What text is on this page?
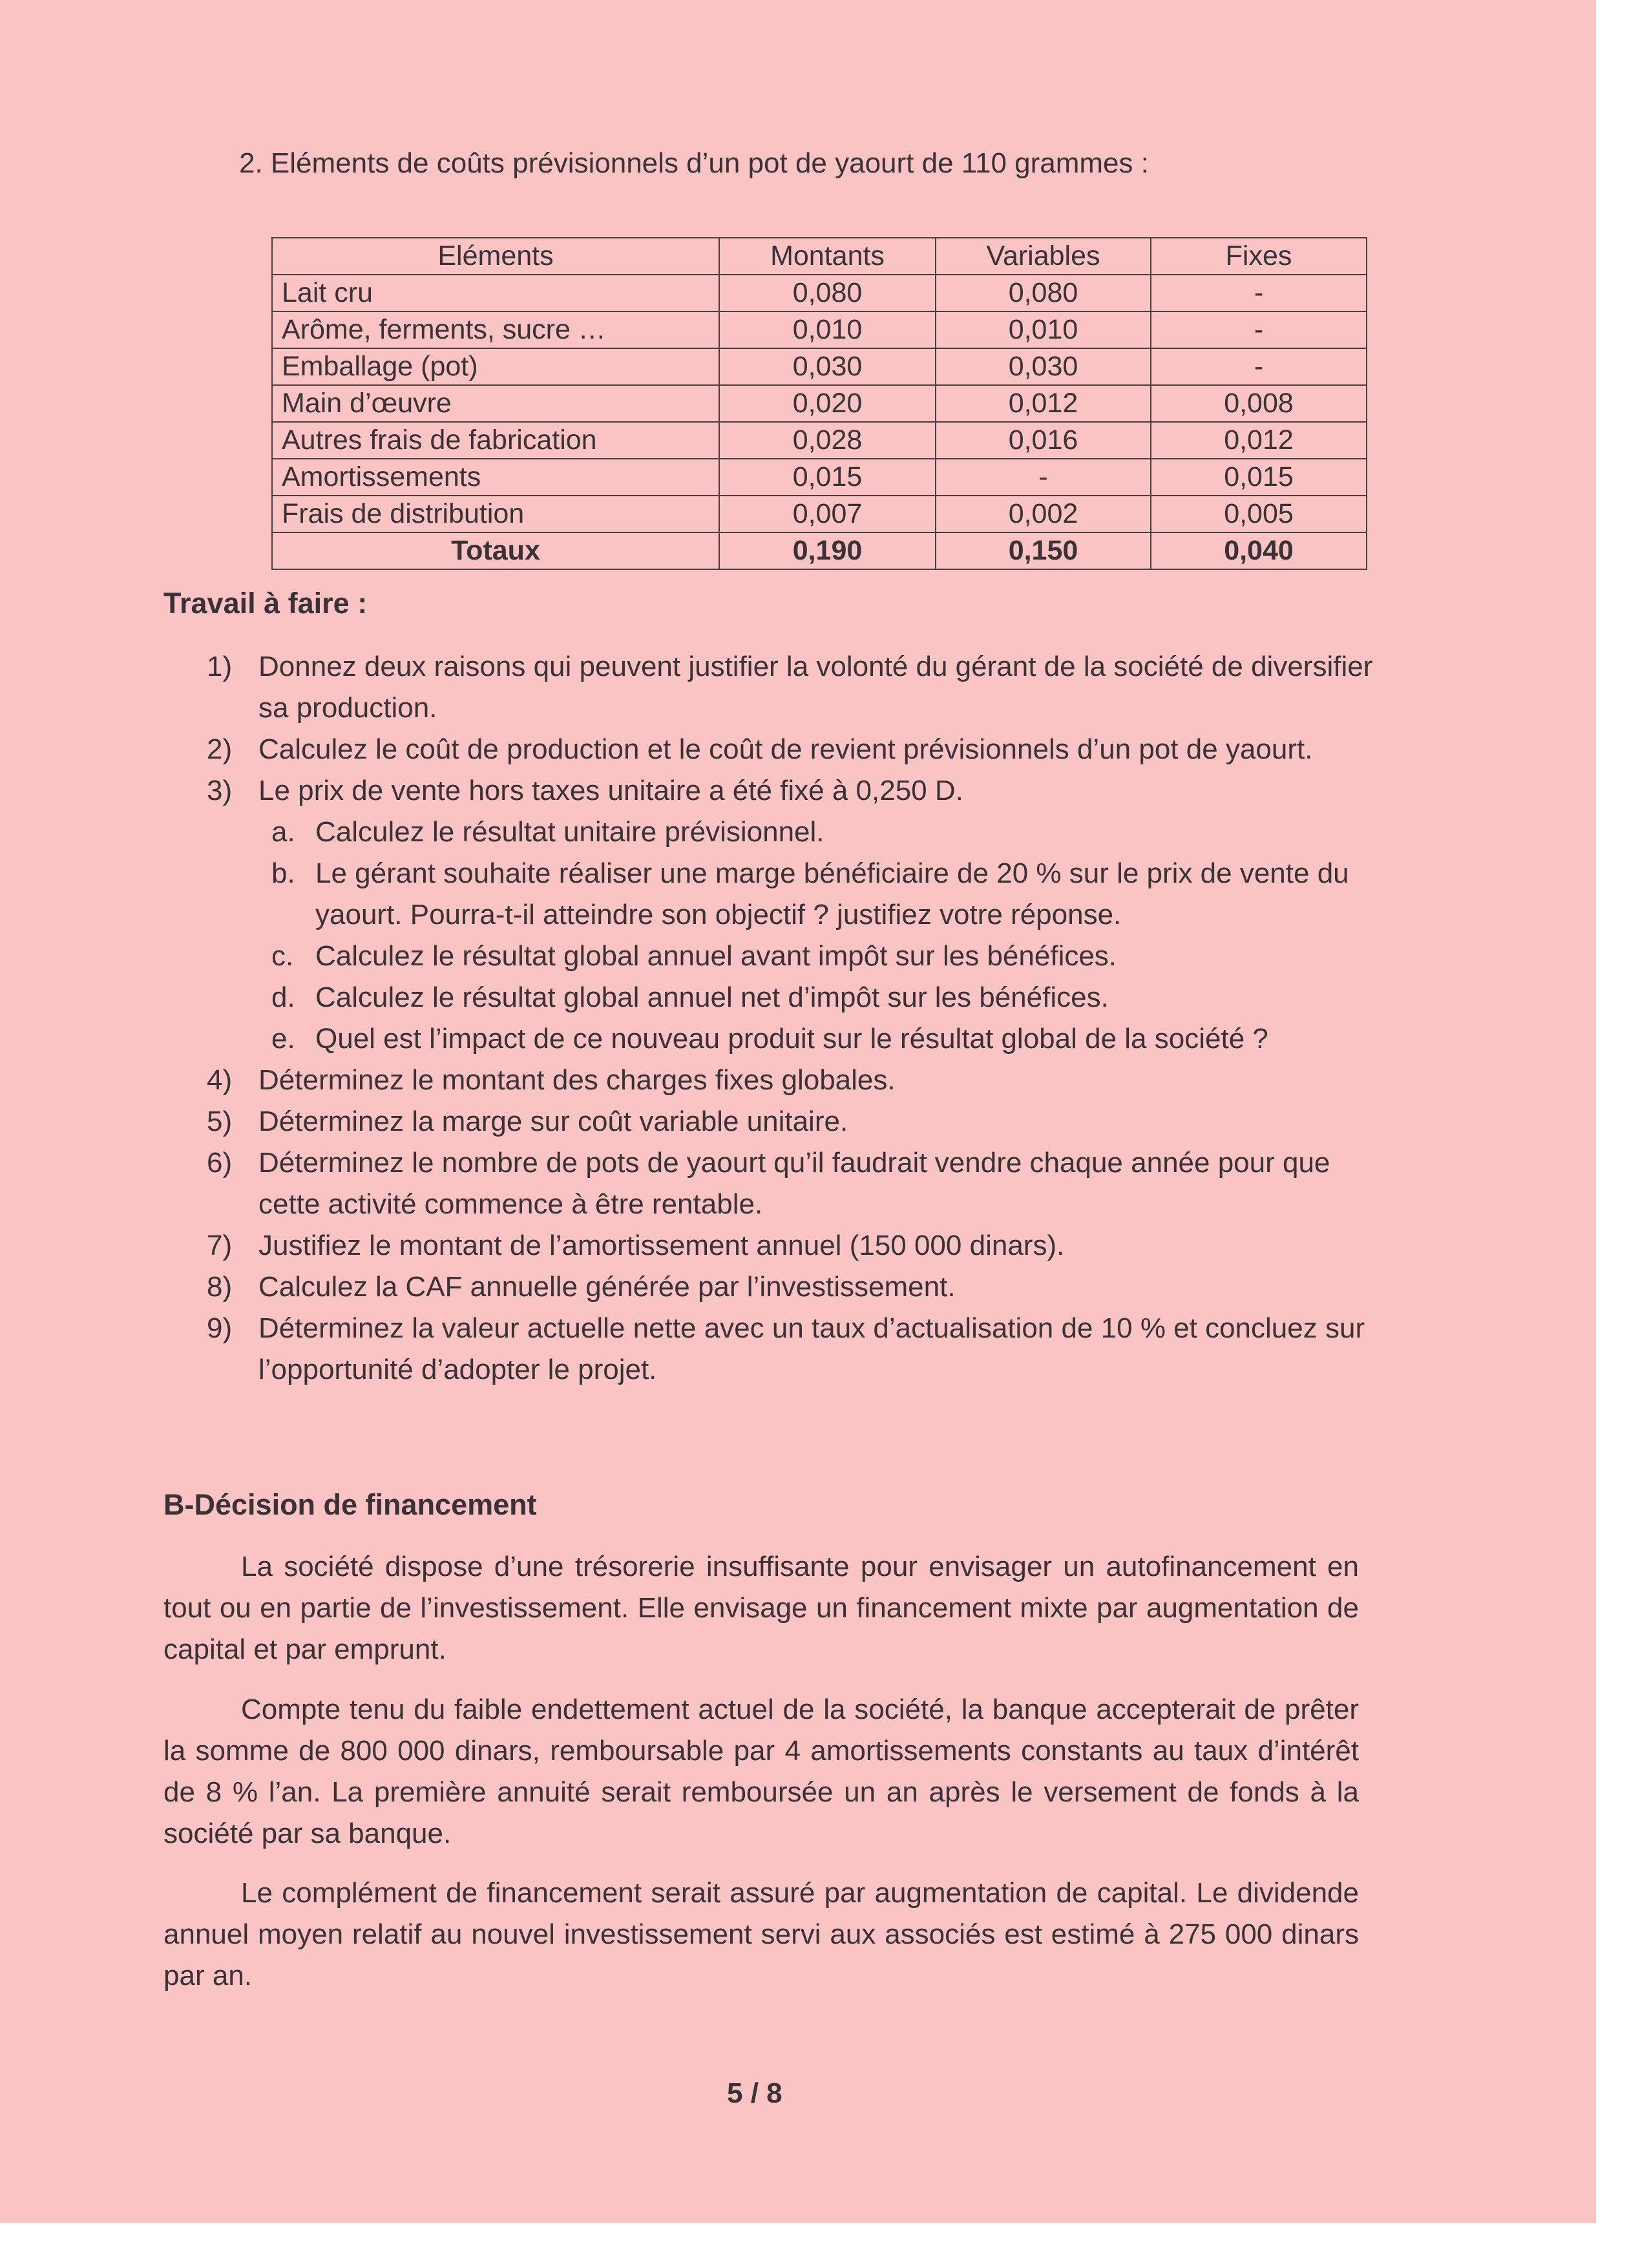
2. Eléments de coûts prévisionnels d’un pot de yaourt de 110 grammes :
Eléments	Montants	Variables	Fixes
Lait cru	0,080	0,080	-
Arôme, ferments, sucre …	0,010	0,010	-
Emballage (pot)	0,030	0,030	-
Main d’œuvre	0,020	0,012	0,008
Autres frais de fabrication	0,028	0,016	0,012
Amortissements	0,015	-	0,015
Frais de distribution	0,007	0,002	0,005
Totaux	0,190	0,150	0,040
Travail à faire :
1) Donnez deux raisons qui peuvent justifier la volonté du gérant de la société de diversifier sa production.
2) Calculez le coût de production et le coût de revient prévisionnels d’un pot de yaourt.
3) Le prix de vente hors taxes unitaire a été fixé à 0,250 D.
a. Calculez le résultat unitaire prévisionnel.
b. Le gérant souhaite réaliser une marge bénéficiaire de 20 % sur le prix de vente du yaourt. Pourra-t-il atteindre son objectif ? justifiez votre réponse.
c. Calculez le résultat global annuel avant impôt sur les bénéfices.
d. Calculez le résultat global annuel net d’impôt sur les bénéfices.
e. Quel est l’impact de ce nouveau produit sur le résultat global de la société ?
4) Déterminez le montant des charges fixes globales.
5) Déterminez la marge sur coût variable unitaire.
6) Déterminez le nombre de pots de yaourt qu’il faudrait vendre chaque année pour que cette activité commence à être rentable.
7) Justifiez le montant de l’amortissement annuel (150 000 dinars).
8) Calculez la CAF annuelle générée par l’investissement.
9) Déterminez la valeur actuelle nette avec un taux d’actualisation de 10 % et concluez sur l’opportunité d’adopter le projet.
B-Décision de financement
La société dispose d’une trésorerie insuffisante pour envisager un autofinancement en tout ou en partie de l’investissement. Elle envisage un financement mixte par augmentation de capital et par emprunt.
Compte tenu du faible endettement actuel de la société, la banque accepterait de prêter la somme de 800 000 dinars, remboursable par 4 amortissements constants au taux d’intérêt de 8 % l’an. La première annuité serait remboursée un an après le versement de fonds à la société par sa banque.
Le complément de financement serait assuré par augmentation de capital. Le dividende annuel moyen relatif au nouvel investissement servi aux associés est estimé à 275 000 dinars par an.
5 / 8
